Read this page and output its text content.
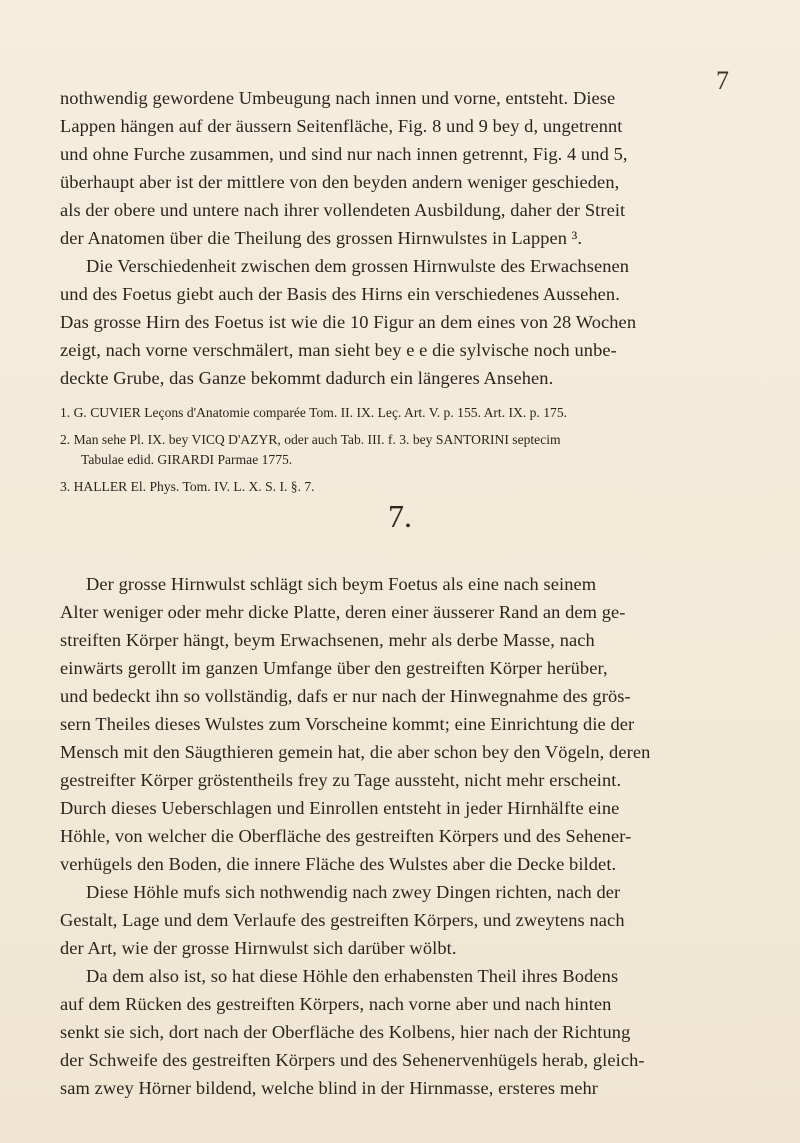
7
nothwendig gewordene Umbeugung nach innen und vorne, entsteht. Diese
Lappen hängen auf der äussern Seitenfläche, Fig. 8 und 9 bey d, ungetrennt
und ohne Furche zusammen, und sind nur nach innen getrennt, Fig. 4 und 5,
überhaupt aber ist der mittlere von den beyden andern weniger geschieden,
als der obere und untere nach ihrer vollendeten Ausbildung, daher der Streit
der Anatomen über die Theilung des grossen Hirnwulstes in Lappen ³.
Die Verschiedenheit zwischen dem grossen Hirnwulste des Erwachsenen
und des Foetus giebt auch der Basis des Hirns ein verschiedenes Aussehen.
Das grosse Hirn des Foetus ist wie die 10 Figur an dem eines von 28 Wochen
zeigt, nach vorne verschmälert, man sieht bey e e die sylvische noch unbe-
deckte Grube, das Ganze bekommt dadurch ein längeres Ansehen.
1. G. CUVIER Leçons d'Anatomie comparée Tom. II. IX. Leç. Art. V. p. 155. Art. IX. p. 175.
2. Man sehe Pl. IX. bey VICQ D'AZYR, oder auch Tab. III. f. 3. bey SANTORINI septecim
Tabulae edid. GIRARDI Parmae 1775.
3. HALLER El. Phys. Tom. IV. L. X. S. I. §. 7.
7.
Der grosse Hirnwulst schlägt sich beym Foetus als eine nach seinem
Alter weniger oder mehr dicke Platte, deren einer äusserer Rand an dem ge-
streiften Körper hängt, beym Erwachsenen, mehr als derbe Masse, nach
einwärts gerollt im ganzen Umfange über den gestreiften Körper herüber,
und bedeckt ihn so vollständig, dafs er nur nach der Hinwegnahme des grös-
sern Theiles dieses Wulstes zum Vorscheine kommt; eine Einrichtung die der
Mensch mit den Säugthieren gemein hat, die aber schon bey den Vögeln, deren
gestreifter Körper gröstentheils frey zu Tage aussteht, nicht mehr erscheint.
Durch dieses Ueberschlagen und Einrollen entsteht in jeder Hirnhälfte eine
Höhle, von welcher die Oberfläche des gestreiften Körpers und des Sehener-
verhügels den Boden, die innere Fläche des Wulstes aber die Decke bildet.
Diese Höhle mufs sich nothwendig nach zwey Dingen richten, nach der
Gestalt, Lage und dem Verlaufe des gestreiften Körpers, und zweytens nach
der Art, wie der grosse Hirnwulst sich darüber wölbt.
Da dem also ist, so hat diese Höhle den erhabensten Theil ihres Bodens
auf dem Rücken des gestreiften Körpers, nach vorne aber und nach hinten
senkt sie sich, dort nach der Oberfläche des Kolbens, hier nach der Richtung
der Schweife des gestreiften Körpers und des Sehenervenhügels herab, gleich-
sam zwey Hörner bildend, welche blind in der Hirnmasse, ersteres mehr
